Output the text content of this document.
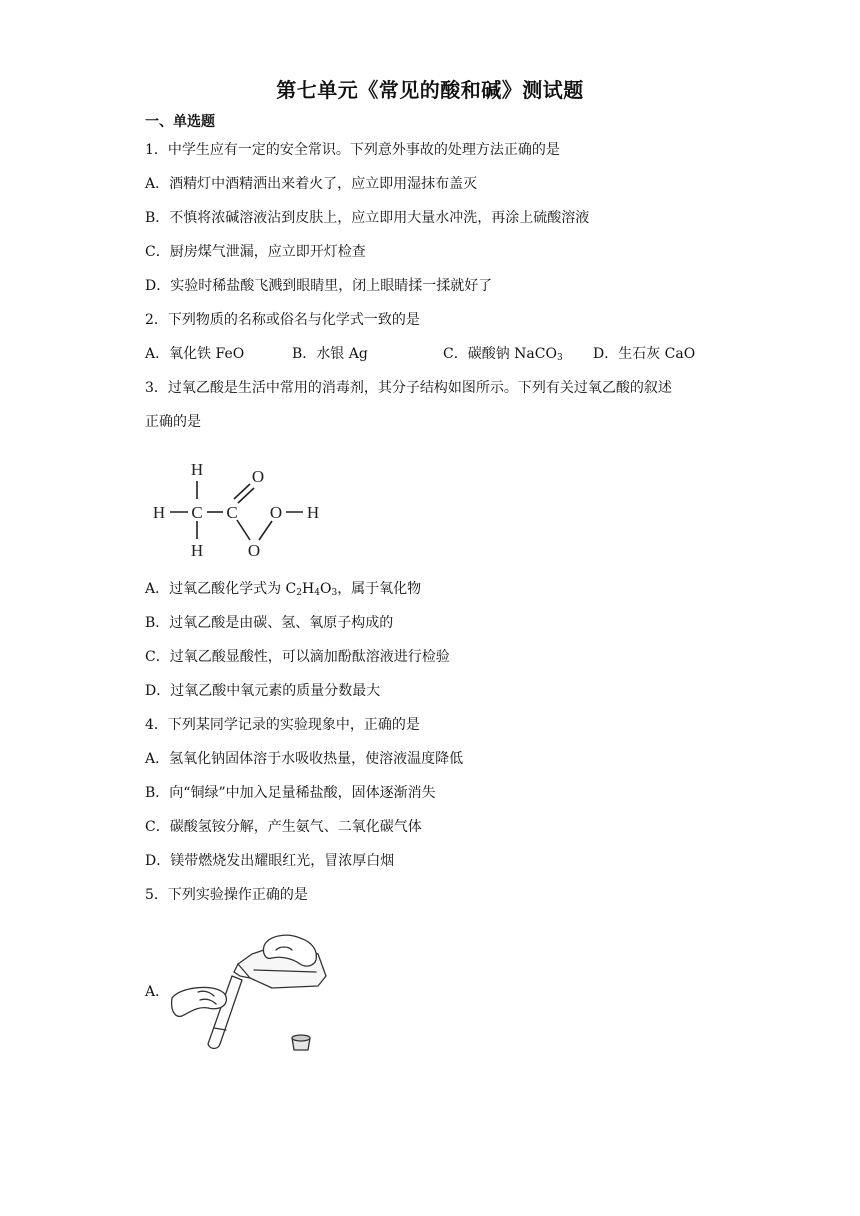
第七单元《常见的酸和碱》测试题
一、单选题
1．中学生应有一定的安全常识。下列意外事故的处理方法正确的是
A．酒精灯中酒精洒出来着火了，应立即用湿抹布盖灭
B．不慎将浓碱溶液沾到皮肤上，应立即用大量水冲洗，再涂上硫酸溶液
C．厨房煤气泄漏，应立即开灯检查
D．实验时稀盐酸飞溅到眼睛里，闭上眼睛揉一揉就好了
2．下列物质的名称或俗名与化学式一致的是
A．氧化铁 FeO	B．水银 Ag	C．碳酸钠 NaCO$_3$ D．生石灰 CaO
3．过氧乙酸是生活中常用的消毒剂，其分子结构如图所示。下列有关过氧乙酸的叙述
正确的是
H
H C
H
C
O
O
O H
A．过氧乙酸化学式为 $C_2H_4O_3$，属于氧化物
B．过氧乙酸是由碳、氢、氧原子构成的
C．过氧乙酸显酸性，可以滴加酚酞溶液进行检验
D．过氧乙酸中氧元素的质量分数最大
4．下列某同学记录的实验现象中，正确的是
A．氢氧化钠固体溶于水吸收热量，使溶液温度降低
B．向“铜绿”中加入足量稀盐酸，固体逐渐消失
C．碳酸氢铵分解，产生氨气、二氧化碳气体
D．镁带燃烧发出耀眼红光，冒浓厚白烟
5．下列实验操作正确的是
A．
